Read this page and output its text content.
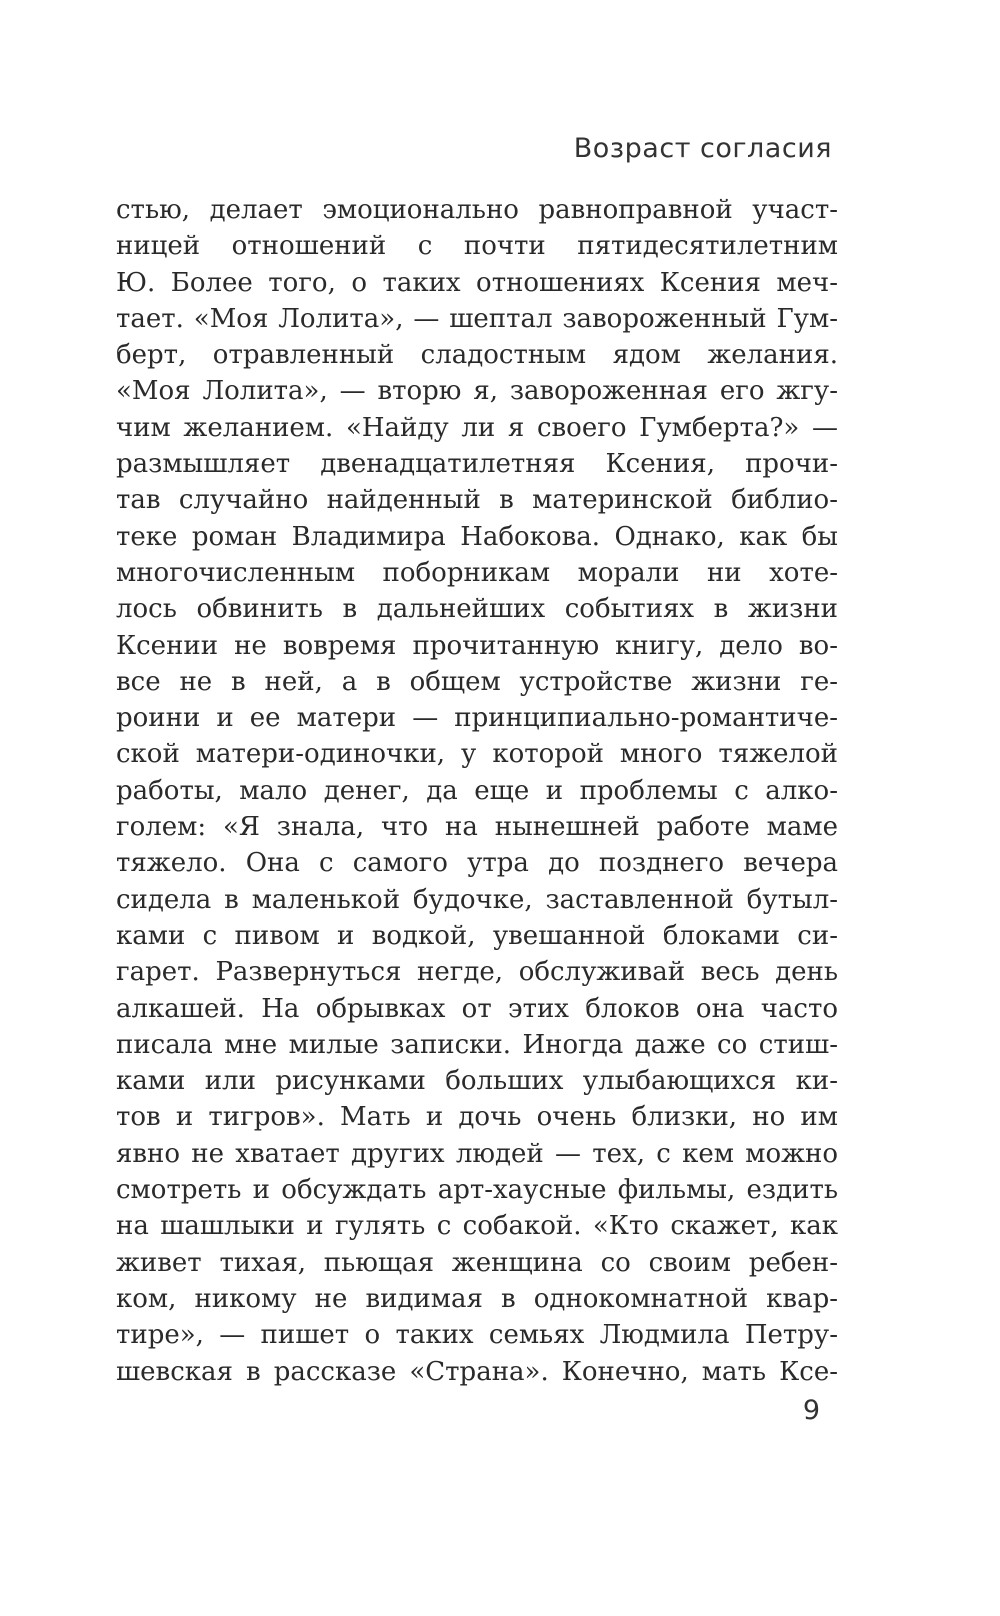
Возраст согласия
стью, делает эмоционально равноправной участ-
ницей отношений с почти пятидесятилетним
Ю. Более того, о таких отношениях Ксения меч-
тает. «Моя Лолита», — шептал завороженный Гум-
берт, отравленный сладостным ядом желания.
«Моя Лолита», — вторю я, завороженная его жгу-
чим желанием. «Найду ли я своего Гумберта?» —
размышляет двенадцатилетняя Ксения, прочи-
тав случайно найденный в материнской библио-
теке роман Владимира Набокова. Однако, как бы
многочисленным поборникам морали ни хоте-
лось обвинить в дальнейших событиях в жизни
Ксении не вовремя прочитанную книгу, дело во-
все не в ней, а в общем устройстве жизни ге-
роини и ее матери — принципиально-романтиче-
ской матери-одиночки, у которой много тяжелой
работы, мало денег, да еще и проблемы с алко-
голем: «Я знала, что на нынешней работе маме
тяжело. Она с самого утра до позднего вечера
сидела в маленькой будочке, заставленной бутыл-
ками с пивом и водкой, увешанной блоками си-
гарет. Развернуться негде, обслуживай весь день
алкашей. На обрывках от этих блоков она часто
писала мне милые записки. Иногда даже со стиш-
ками или рисунками больших улыбающихся ки-
тов и тигров». Мать и дочь очень близки, но им
явно не хватает других людей — тех, с кем можно
смотреть и обсуждать арт-хаусные фильмы, ездить
на шашлыки и гулять с собакой. «Кто скажет, как
живет тихая, пьющая женщина со своим ребен-
ком, никому не видимая в однокомнатной квар-
тире», — пишет о таких семьях Людмила Петру-
шевская в рассказе «Страна». Конечно, мать Ксе-
9
